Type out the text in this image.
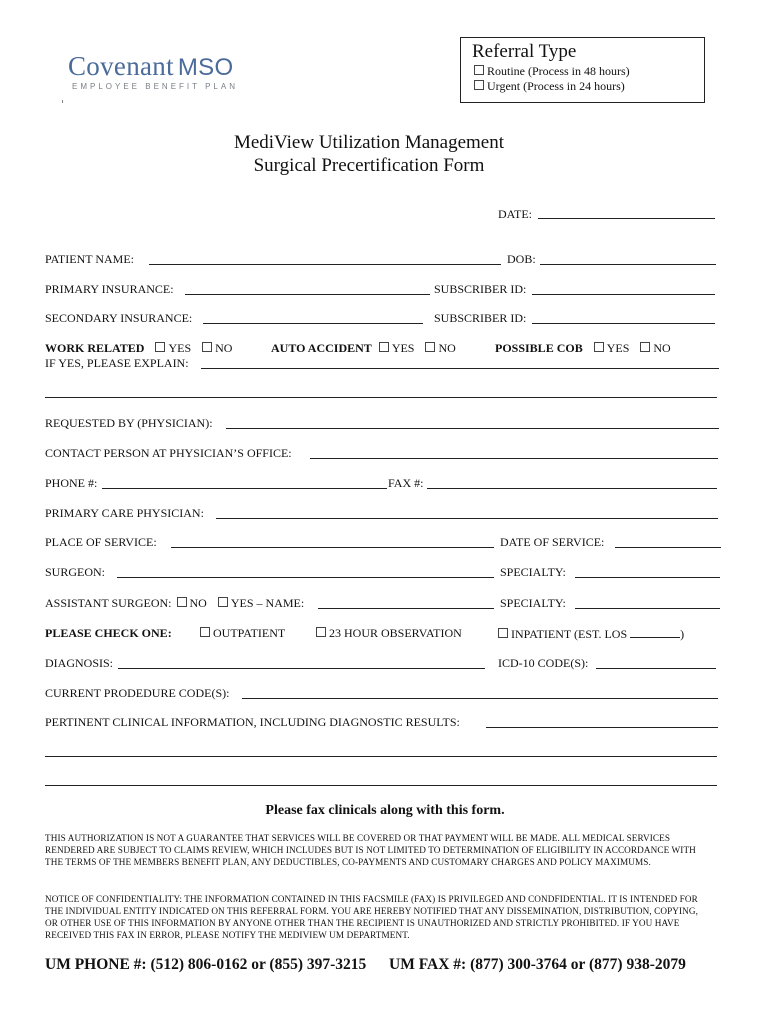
Covenant MSO
EMPLOYEE BENEFIT PLAN
Referral Type
Routine (Process in 48 hours)
Urgent (Process in 24 hours)
MediView Utilization Management
Surgical Precertification Form
DATE:
PATIENT NAME:	DOB:
PRIMARY INSURANCE:	SUBSCRIBER ID:
SECONDARY INSURANCE:	SUBSCRIBER ID:
WORK RELATED YES NO	AUTO ACCIDENT YES NO	POSSIBLE COB YES NO
IF YES, PLEASE EXPLAIN:
REQUESTED BY (PHYSICIAN):
CONTACT PERSON AT PHYSICIAN’S OFFICE:
PHONE #:	FAX #:
PRIMARY CARE PHYSICIAN:
PLACE OF SERVICE:	DATE OF SERVICE:
SURGEON:	SPECIALTY:
ASSISTANT SURGEON: NO YES – NAME:	SPECIALTY:
PLEASE CHECK ONE:	OUTPATIENT	23 HOUR OBSERVATION	INPATIENT (EST. LOS	)
DIAGNOSIS:	ICD-10 CODE(S):
CURRENT PRODEDURE CODE(S):
PERTINENT CLINICAL INFORMATION, INCLUDING DIAGNOSTIC RESULTS:
Please fax clinicals along with this form.
THIS AUTHORIZATION IS NOT A GUARANTEE THAT SERVICES WILL BE COVERED OR THAT PAYMENT WILL BE MADE. ALL MEDICAL SERVICES RENDERED ARE SUBJECT TO CLAIMS REVIEW, WHICH INCLUDES BUT IS NOT LIMITED TO DETERMINATION OF ELIGIBILITY IN ACCORDANCE WITH THE TERMS OF THE MEMBERS BENEFIT PLAN, ANY DEDUCTIBLES, CO-PAYMENTS AND CUSTOMARY CHARGES AND POLICY MAXIMUMS.
NOTICE OF CONFIDENTIALITY: THE INFORMATION CONTAINED IN THIS FACSMILE (FAX) IS PRIVILEGED AND CONDFIDENTIAL. IT IS INTENDED FOR THE INDIVIDUAL ENTITY INDICATED ON THIS REFERRAL FORM. YOU ARE HEREBY NOTIFIED THAT ANY DISSEMINATION, DISTRIBUTION, COPYING, OR OTHER USE OF THIS INFORMATION BY ANYONE OTHER THAN THE RECIPIENT IS UNAUTHORIZED AND STRICTLY PROHIBITED. IF YOU HAVE RECEIVED THIS FAX IN ERROR, PLEASE NOTIFY THE MEDIVIEW UM DEPARTMENT.
UM PHONE #: (512) 806-0162 or (855) 397-3215 UM FAX #: (877) 300-3764 or (877) 938-2079
